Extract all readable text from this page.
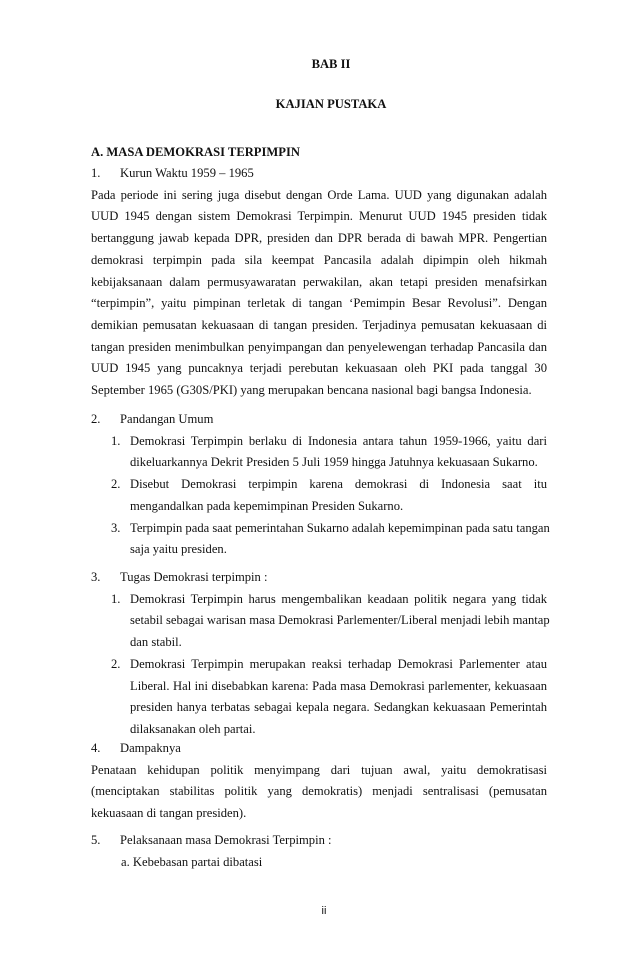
BAB II
KAJIAN PUSTAKA
A. MASA DEMOKRASI TERPIMPIN
1. Kurun Waktu 1959 – 1965
Pada periode ini sering juga disebut dengan Orde Lama. UUD yang digunakan adalah
UUD 1945 dengan sistem Demokrasi Terpimpin. Menurut UUD 1945 presiden tidak
bertanggung jawab kepada DPR, presiden dan DPR berada di bawah MPR. Pengertian
demokrasi terpimpin pada sila keempat Pancasila adalah dipimpin oleh hikmah
kebijaksanaan dalam permusyawaratan perwakilan, akan tetapi presiden menafsirkan
“terpimpin”, yaitu pimpinan terletak di tangan ‘Pemimpin Besar Revolusi”. Dengan
demikian pemusatan kekuasaan di tangan presiden. Terjadinya pemusatan kekuasaan di
tangan presiden menimbulkan penyimpangan dan penyelewengan terhadap Pancasila dan
UUD 1945 yang puncaknya terjadi perebutan kekuasaan oleh PKI pada tanggal 30
September 1965 (G30S/PKI) yang merupakan bencana nasional bagi bangsa Indonesia.
2. Pandangan Umum
1. Demokrasi Terpimpin berlaku di Indonesia antara tahun 1959-1966, yaitu dari
dikeluarkannya Dekrit Presiden 5 Juli 1959 hingga Jatuhnya kekuasaan Sukarno.
2. Disebut Demokrasi terpimpin karena demokrasi di Indonesia saat itu
mengandalkan pada kepemimpinan Presiden Sukarno.
3. Terpimpin pada saat pemerintahan Sukarno adalah kepemimpinan pada satu tangan
saja yaitu presiden.
3. Tugas Demokrasi terpimpin :
1. Demokrasi Terpimpin harus mengembalikan keadaan politik negara yang tidak
setabil sebagai warisan masa Demokrasi Parlementer/Liberal menjadi lebih mantap
dan stabil.
2. Demokrasi Terpimpin merupakan reaksi terhadap Demokrasi Parlementer atau
Liberal. Hal ini disebabkan karena: Pada masa Demokrasi parlementer, kekuasaan
presiden hanya terbatas sebagai kepala negara. Sedangkan kekuasaan Pemerintah
dilaksanakan oleh partai.
4. Dampaknya
Penataan kehidupan politik menyimpang dari tujuan awal, yaitu demokratisasi
(menciptakan stabilitas politik yang demokratis) menjadi sentralisasi (pemusatan
kekuasaan di tangan presiden).
5. Pelaksanaan masa Demokrasi Terpimpin :
a. Kebebasan partai dibatasi
ii
